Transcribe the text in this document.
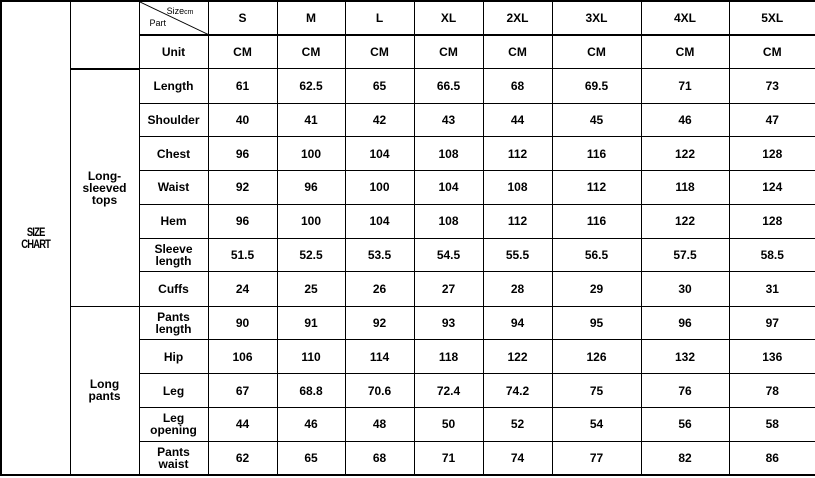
SIZE CHART		Sizecm
Part	S	M	L	XL	2XL	3XL	4XL	5XL
		Unit	CM	CM	CM	CM	CM	CM	CM	CM
	Long-
sleeved
tops	Length	61	62.5	65	66.5	68	69.5	71	73
		Shoulder	40	41	42	43	44	45	46	47
		Chest	96	100	104	108	112	116	122	128
		Waist	92	96	100	104	108	112	118	124
		Hem	96	100	104	108	112	116	122	128
		Sleeve
length	51.5	52.5	53.5	54.5	55.5	56.5	57.5	58.5
		Cuffs	24	25	26	27	28	29	30	31
	Long
pants	Pants
length	90	91	92	93	94	95	96	97
		Hip	106	110	114	118	122	126	132	136
		Leg	67	68.8	70.6	72.4	74.2	75	76	78
		Leg
opening	44	46	48	50	52	54	56	58
		Pants
waist	62	65	68	71	74	77	82	86
